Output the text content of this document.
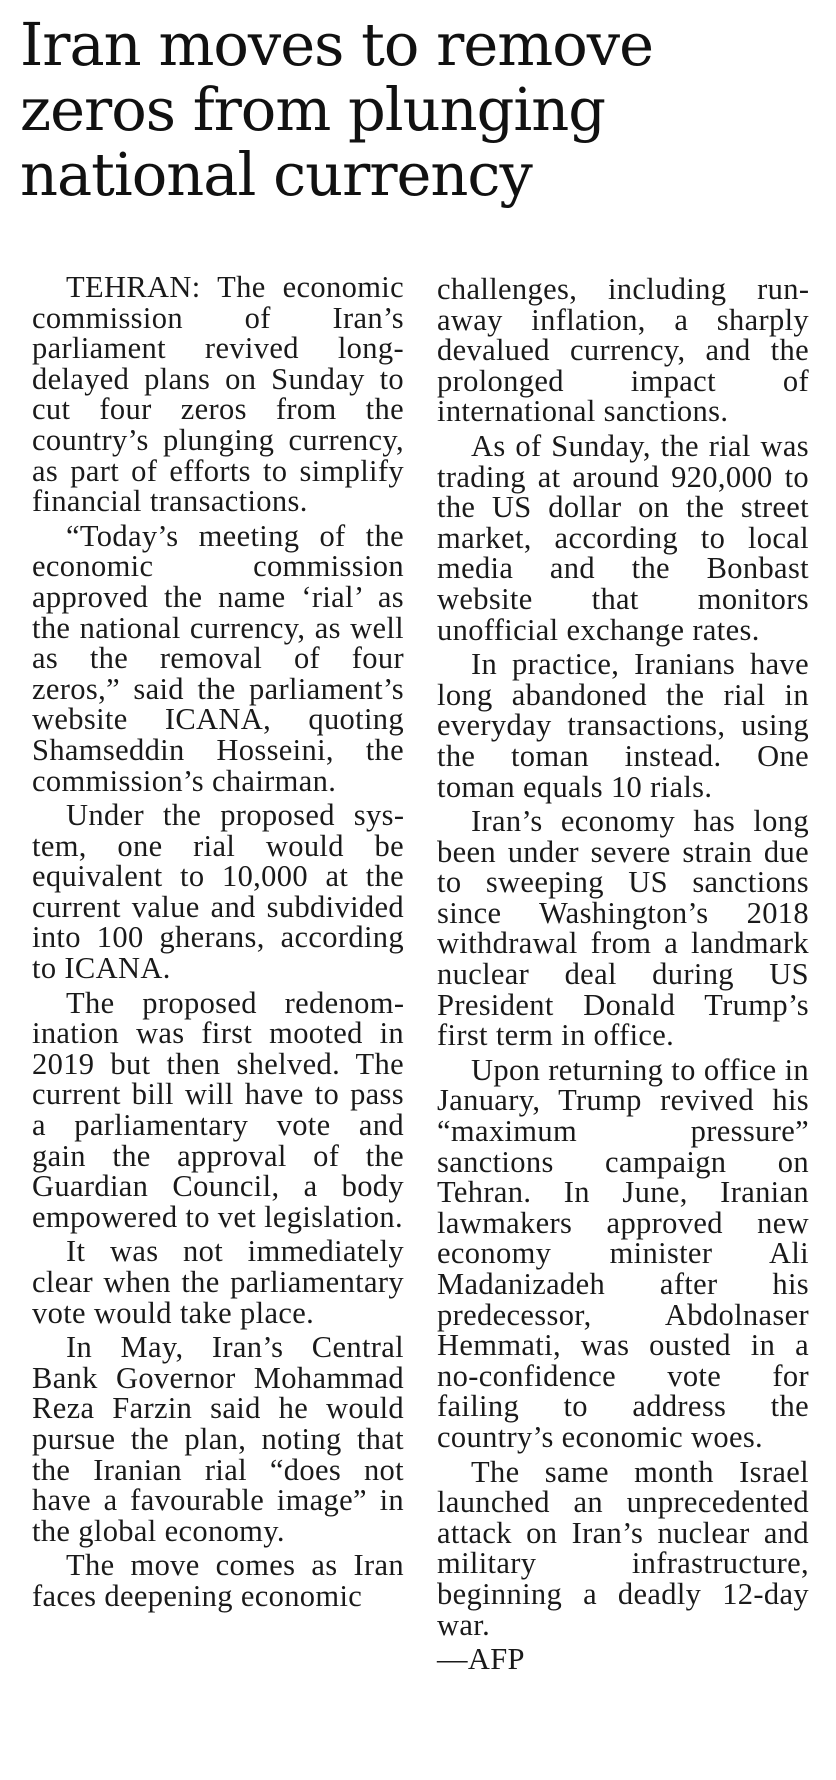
Iran moves to remove
zeros from plunging
national currency

TEHRAN: The economic commission of Iran’s parliament revived long-delayed plans on Sunday to cut four zeros from the country’s plunging currency, as part of efforts to simplify financial transactions.

“Today’s meeting of the economic commission approved the name ‘rial’ as the national currency, as well as the removal of four zeros,” said the parliament’s website ICANA, quoting Shamseddin Hosseini, the commission’s chairman.

Under the proposed system, one rial would be equivalent to 10,000 at the current value and subdivided into 100 gherans, according to ICANA.

The proposed redenomination was first mooted in 2019 but then shelved. The current bill will have to pass a parliamentary vote and gain the approval of the Guardian Council, a body empowered to vet legislation.

It was not immediately clear when the parliamentary vote would take place.

In May, Iran’s Central Bank Governor Mohammad Reza Farzin said he would pursue the plan, noting that the Iranian rial “does not have a favourable image” in the global economy.

The move comes as Iran faces deepening economic

challenges, including runaway inflation, a sharply devalued currency, and the prolonged impact of international sanctions.

As of Sunday, the rial was trading at around 920,000 to the US dollar on the street market, according to local media and the Bonbast website that monitors unofficial exchange rates.

In practice, Iranians have long abandoned the rial in everyday transactions, using the toman instead. One toman equals 10 rials.

Iran’s economy has long been under severe strain due to sweeping US sanctions since Washington’s 2018 withdrawal from a landmark nuclear deal during US President Donald Trump’s first term in office.

Upon returning to office in January, Trump revived his “maximum pressure” sanctions campaign on Tehran. In June, Iranian lawmakers approved new economy minister Ali Madanizadeh after his predecessor, Abdolnaser Hemmati, was ousted in a no-confidence vote for failing to address the country’s economic woes.

The same month Israel launched an unprecedented attack on Iran’s nuclear and military infrastructure, beginning a deadly 12-day war.

—AFP
